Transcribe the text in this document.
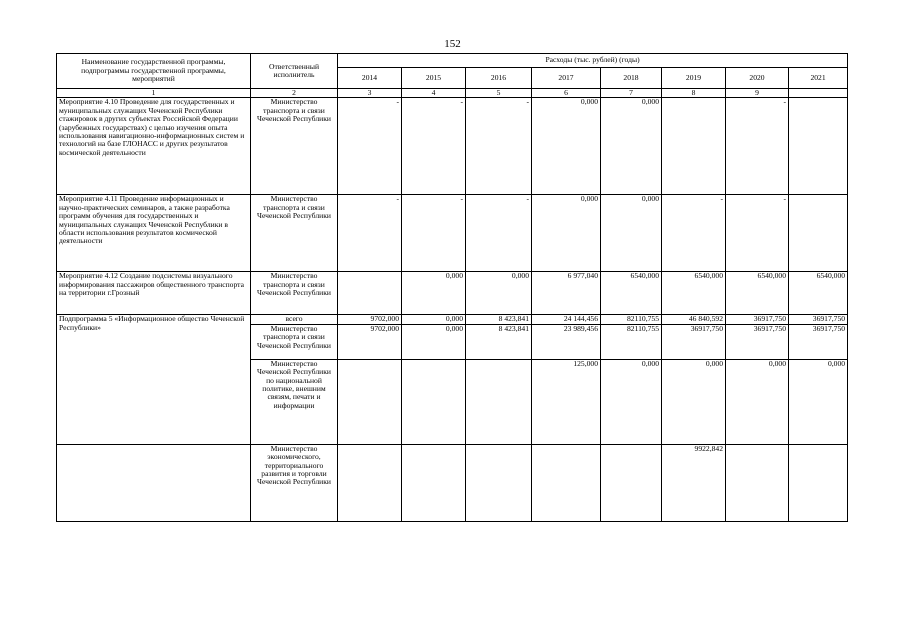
152
Наименование государственной программы, подпрограммы государственной программы, мероприятий	Ответственный исполнитель	Расходы (тыс. рублей) (годы)							
		2014	2015	2016	2017	2018	2019	2020	2021
1	2	3	4	5	6	7	8	9	
Мероприятие 4.10 Проведение для государственных и муниципальных служащих Чеченской Республики стажировок в других субъектах Российской Федерации (зарубежных государствах) с целью изучения опыта использования навигационно-информационных систем и технологий на базе ГЛОНАСС и других результатов космической деятельности	Министерство транспорта и связи Чеченской Республики	-	-	-	0,000	0,000		-	
Мероприятие 4.11 Проведение информационных и научно-практических семинаров, а также разработка программ обучения для государственных и муниципальных служащих Чеченской Республики в области использования результатов космической деятельности	Министерство транспорта и связи Чеченской Республики	-	-	-	0,000	0,000	-	-	
Мероприятие 4.12 Создание подсистемы визуального информирования пассажиров общественного транспорта на территории г.Грозный	Министерство транспорта и связи Чеченской Республики		0,000	0,000	6 977,040	6540,000	6540,000	6540,000	6540,000
Подпрограмма 5 «Информационное общество Чеченской Республики»	всего	9702,000	0,000	8 423,841	24 144,456	82110,755	46 840,592	36917,750	36917,750
	Министерство транспорта и связи Чеченской Республики	9702,000	0,000	8 423,841	23 989,456	82110,755	36917,750	36917,750	36917,750
	Министерство Чеченской Республики по национальной политике, внешним связям, печати и информации				125,000	0,000	0,000	0,000	0,000
	Министерство экономического, территориального развития и торговли Чеченской Республики						9922,842		
